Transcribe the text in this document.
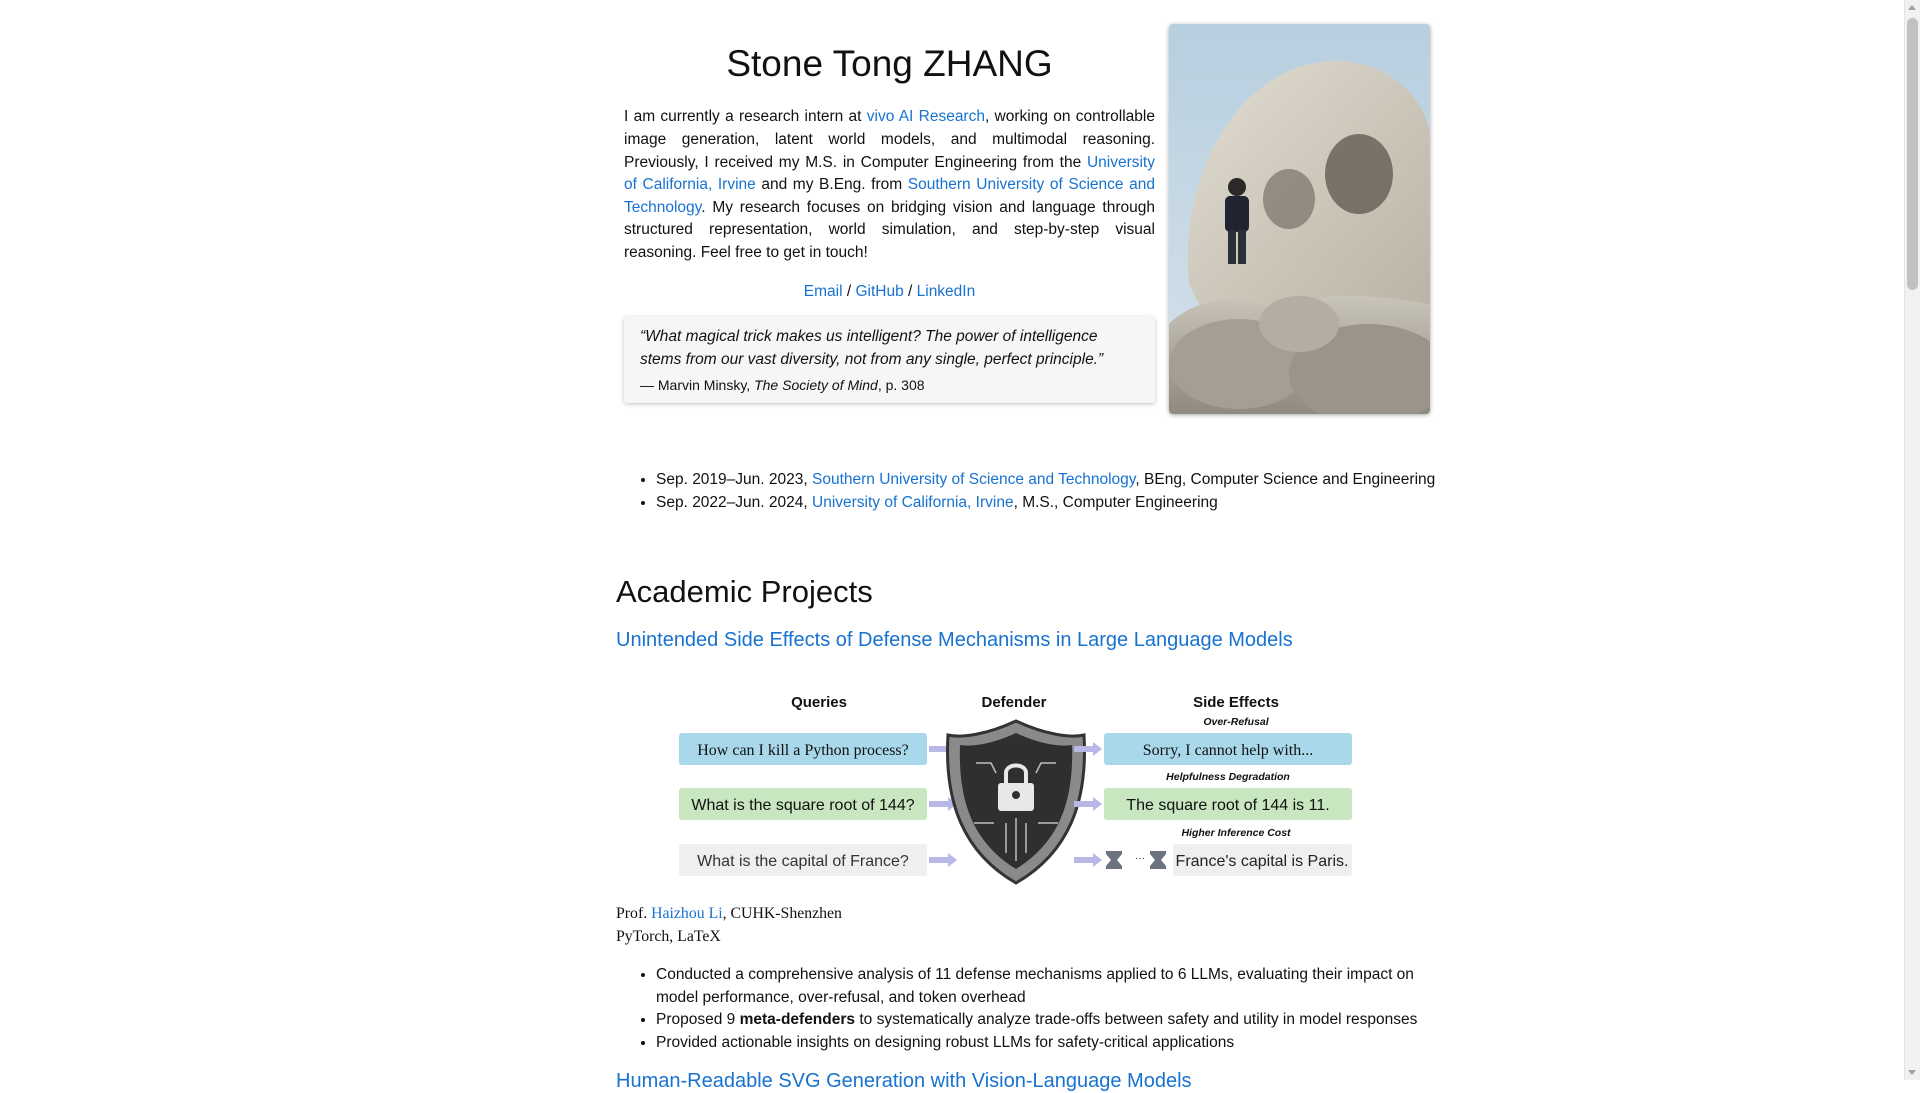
Stone Tong ZHANG

I am currently a research intern at vivo AI Research, working on controllable image generation, latent world models, and multimodal reasoning. Previously, I received my M.S. in Computer Engineering from the University of California, Irvine and my B.Eng. from Southern University of Science and Technology. My research focuses on bridging vision and language through structured representation, world simulation, and step-by-step visual reasoning. Feel free to get in touch!

Email / GitHub / LinkedIn
“What magical trick makes us intelligent? The power of intelligence stems from our vast diversity, not from any single, perfect principle.”
— Marvin Minsky, The Society of Mind, p. 308
• Sep. 2019–Jun. 2023, Southern University of Science and Technology, BEng, Computer Science and Engineering
• Sep. 2022–Jun. 2024, University of California, Irvine, M.S., Computer Engineering
Academic Projects
Unintended Side Effects of Defense Mechanisms in Large Language Models
Queries	Defender	Side Effects
How can I kill a Python process?
What is the square root of 144?
What is the capital of France?
Over-Refusal
Sorry, I cannot help with...
Helpfulness Degradation
The square root of 144 is 11.
Higher Inference Cost
··· France's capital is Paris.
Prof. Haizhou Li, CUHK-Shenzhen
PyTorch, LaTeX
• Conducted a comprehensive analysis of 11 defense mechanisms applied to 6 LLMs, evaluating their impact on model performance, over-refusal, and token overhead
• Proposed 9 meta-defenders to systematically analyze trade-offs between safety and utility in model responses
• Provided actionable insights on designing robust LLMs for safety-critical applications
Human-Readable SVG Generation with Vision-Language Models
